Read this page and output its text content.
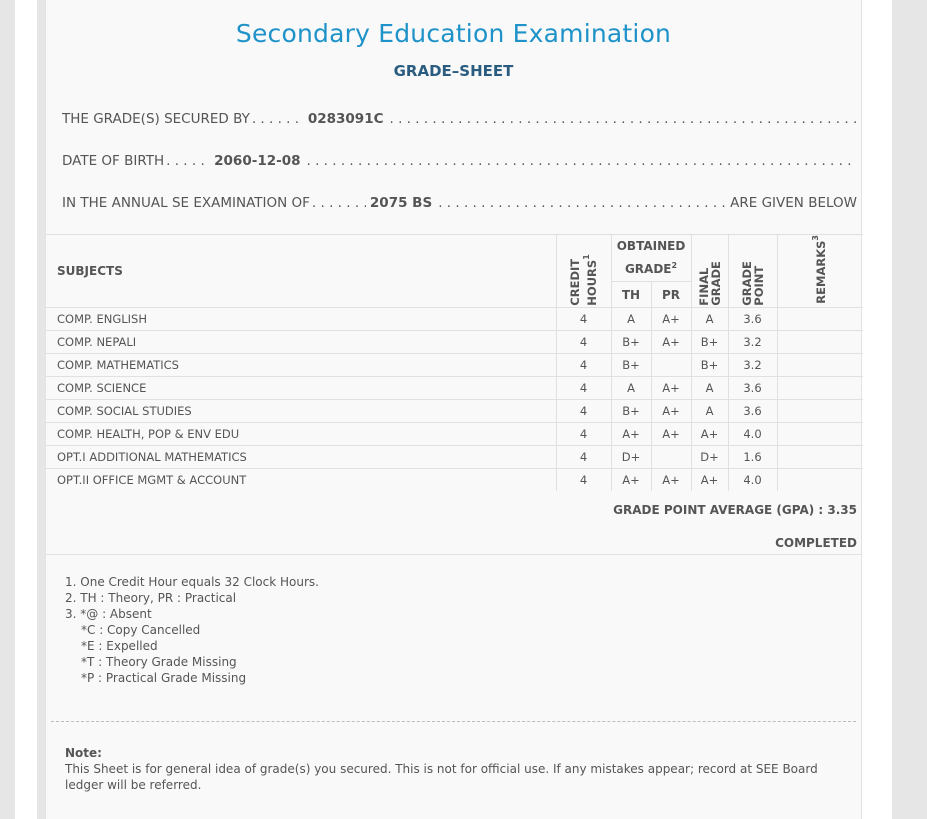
Secondary Education Examination
GRADE–SHEET
THE GRADE(S) SECURED BY . . .	0283091C
. . .
DATE OF BIRTH . . .	2060-12-08
. . .
IN THE ANNUAL SE EXAMINATION OF . . .	2075 BS . . .	ARE GIVEN BELOW
SUBJECTS	CREDIT HOURS$^1$	OBTAINED GRADE$^2$		FINAL GRADE	GRADE POINT	REMARKS$^3$
		TH	PR			
COMP. ENGLISH	4	A	A+	A	3.6	
COMP. NEPALI	4	B+	A+	B+	3.2	
COMP. MATHEMATICS	4	B+		B+	3.2	
COMP. SCIENCE	4	A	A+	A	3.6	
COMP. SOCIAL STUDIES	4	B+	A+	A	3.6	
COMP. HEALTH, POP & ENV EDU	4	A+	A+	A+	4.0	
OPT.I ADDITIONAL MATHEMATICS	4	D+		D+	1.6	
OPT.II OFFICE MGMT & ACCOUNT	4	A+	A+	A+	4.0	
GRADE POINT AVERAGE (GPA) : 3.35
COMPLETED
1. One Credit Hour equals 32 Clock Hours.
2. TH : Theory, PR : Practical
3. *@ : Absent
*C : Copy Cancelled
*E : Expelled
*T : Theory Grade Missing
*P : Practical Grade Missing
Note:
This Sheet is for general idea of grade(s) you secured. This is not for official use. If any mistakes appear; record at SEE Board ledger will be referred.
